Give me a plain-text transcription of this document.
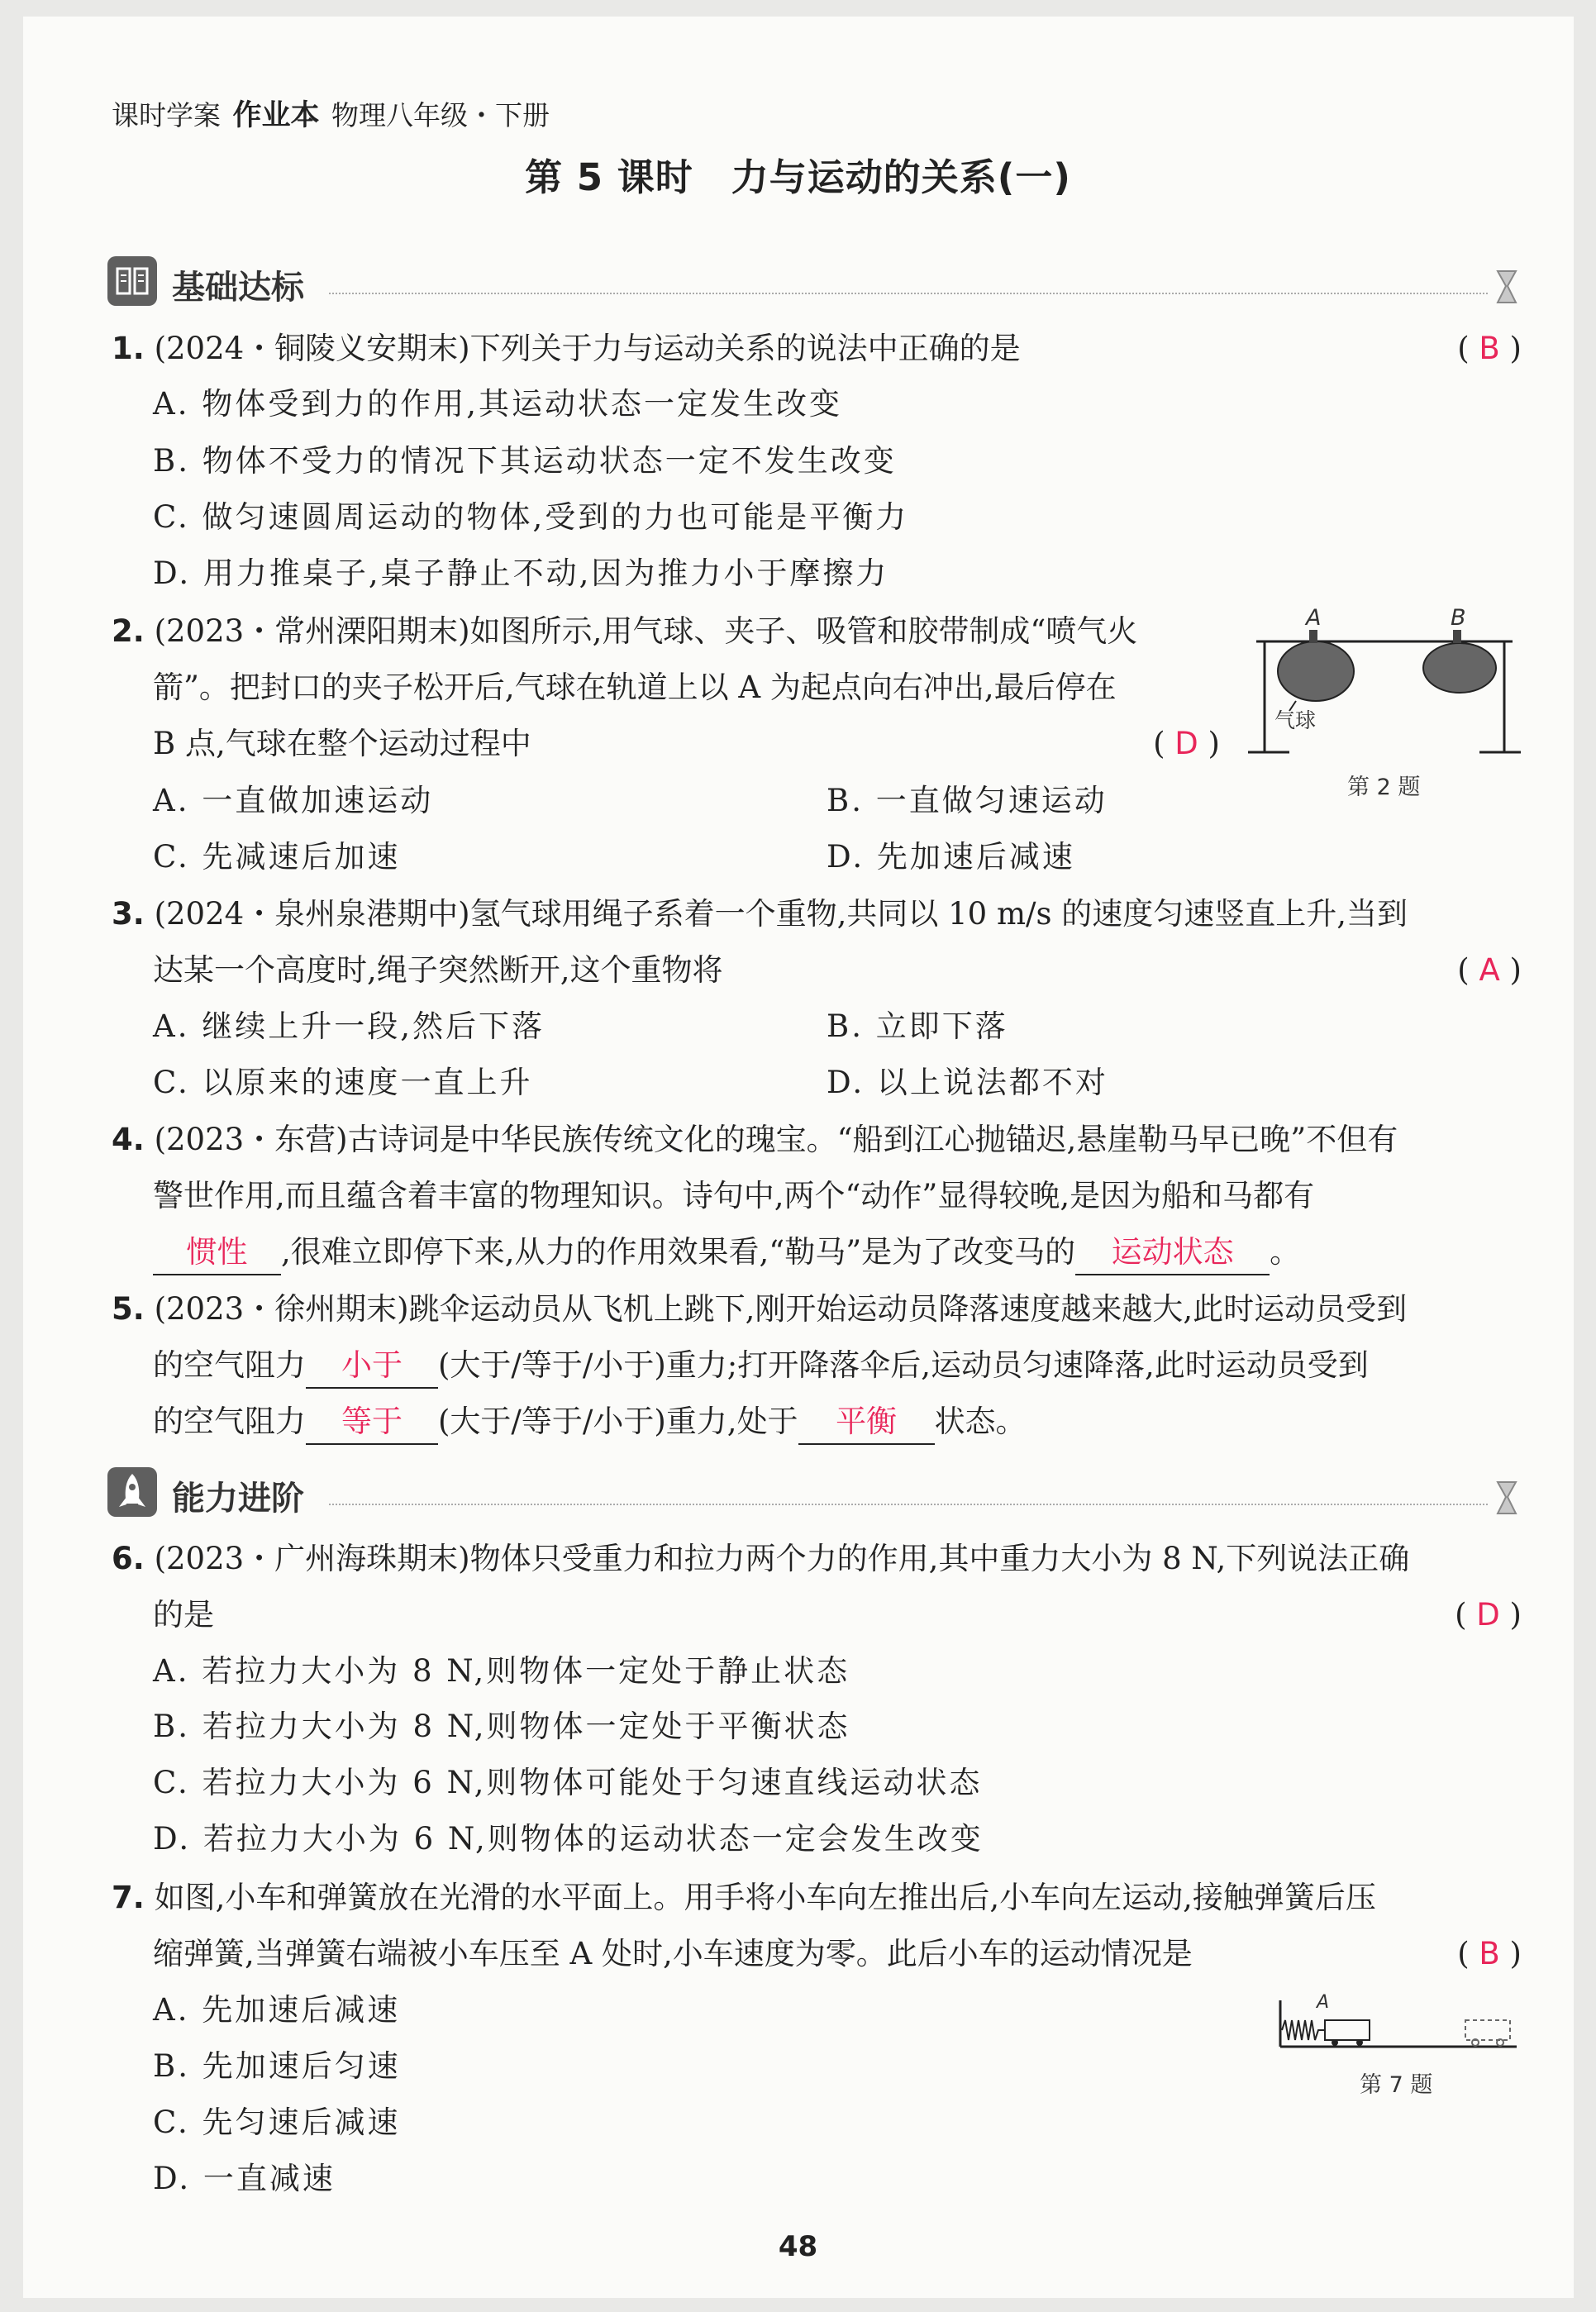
课时学案 作业本 物理八年级・下册
第 5 课时　力与运动的关系(一)
基础达标
1. (2024・铜陵义安期末)下列关于力与运动关系的说法中正确的是	( B )
A. 物体受到力的作用,其运动状态一定发生改变
B. 物体不受力的情况下其运动状态一定不发生改变
C. 做匀速圆周运动的物体,受到的力也可能是平衡力
D. 用力推桌子,桌子静止不动,因为推力小于摩擦力
2. (2023・常州溧阳期末)如图所示,用气球、夹子、吸管和胶带制成“喷气火
箭”。把封口的夹子松开后,气球在轨道上以 A 为起点向右冲出,最后停在
B 点,气球在整个运动过程中	( D )
A. 一直做加速运动	B. 一直做匀速运动
C. 先减速后加速	D. 先加速后减速
A	B
气球
第 2 题
3. (2024・泉州泉港期中)氢气球用绳子系着一个重物,共同以 10 m/s 的速度匀速竖直上升,当到
达某一个高度时,绳子突然断开,这个重物将	( A )
A. 继续上升一段,然后下落	B. 立即下落
C. 以原来的速度一直上升	D. 以上说法都不对
4. (2023・东营)古诗词是中华民族传统文化的瑰宝。“船到江心抛锚迟,悬崖勒马早已晚”不但有
警世作用,而且蕴含着丰富的物理知识。诗句中,两个“动作”显得较晚,是因为船和马都有
惯性 ,很难立即停下来,从力的作用效果看,“勒马”是为了改变马的 运动状态 。
5. (2023・徐州期末)跳伞运动员从飞机上跳下,刚开始运动员降落速度越来越大,此时运动员受到
的空气阻力 小于 (大于/等于/小于)重力;打开降落伞后,运动员匀速降落,此时运动员受到
的空气阻力 等于 (大于/等于/小于)重力,处于 平衡 状态。
能力进阶
6. (2023・广州海珠期末)物体只受重力和拉力两个力的作用,其中重力大小为 8 N,下列说法正确
的是	( D )
A. 若拉力大小为 8 N,则物体一定处于静止状态
B. 若拉力大小为 8 N,则物体一定处于平衡状态
C. 若拉力大小为 6 N,则物体可能处于匀速直线运动状态
D. 若拉力大小为 6 N,则物体的运动状态一定会发生改变
7. 如图,小车和弹簧放在光滑的水平面上。用手将小车向左推出后,小车向左运动,接触弹簧后压
缩弹簧,当弹簧右端被小车压至 A 处时,小车速度为零。此后小车的运动情况是	( B )
A. 先加速后减速
B. 先加速后匀速
C. 先匀速后减速
D. 一直减速
A
第 7 题
48
